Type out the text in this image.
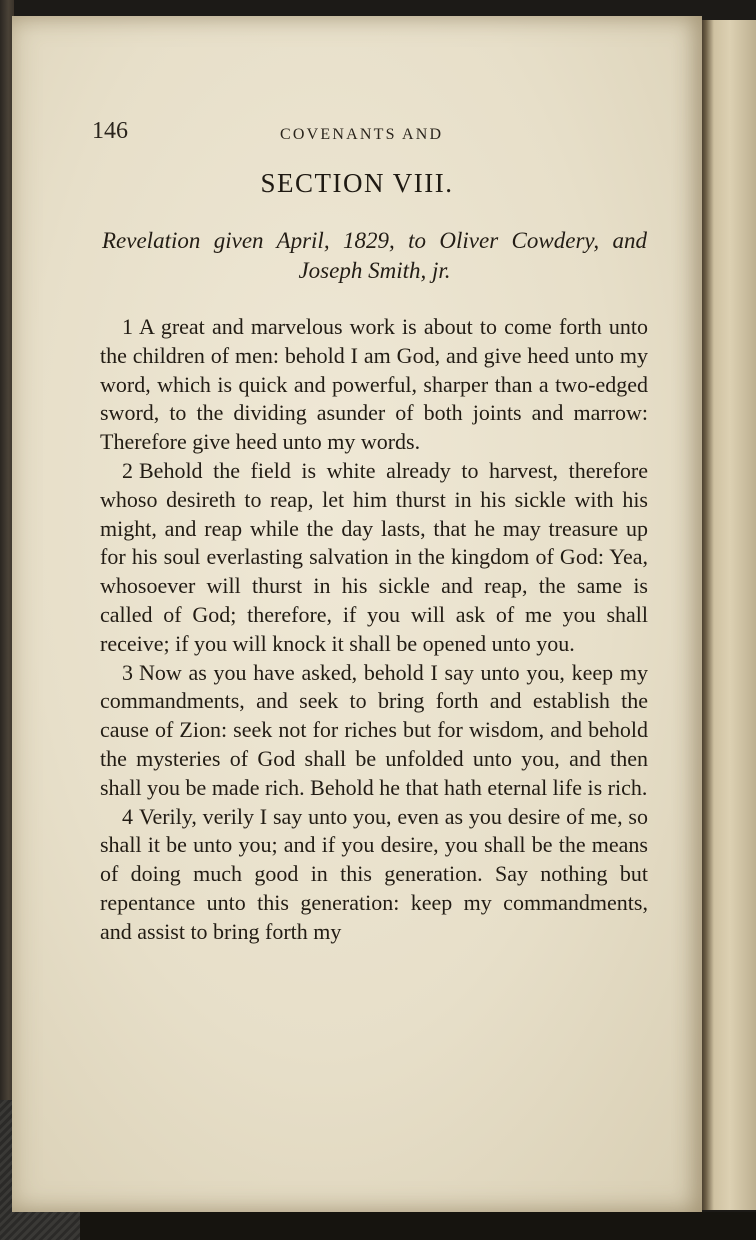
146	COVENANTS AND
SECTION VIII.
Revelation given April, 1829, to Oliver Cowdery, and Joseph Smith, jr.

1 A great and marvelous work is about to come forth unto the children of men: behold I am God, and give heed unto my word, which is quick and powerful, sharper than a two-edged sword, to the dividing asunder of both joints and marrow: Therefore give heed unto my words.

2 Behold the field is white already to harvest, therefore whoso desireth to reap, let him thurst in his sickle with his might, and reap while the day lasts, that he may treasure up for his soul everlasting salvation in the kingdom of God: Yea, whosoever will thurst in his sickle and reap, the same is called of God; therefore, if you will ask of me you shall receive; if you will knock it shall be opened unto you.

3 Now as you have asked, behold I say unto you, keep my commandments, and seek to bring forth and establish the cause of Zion: seek not for riches but for wisdom, and behold the mysteries of God shall be unfolded unto you, and then shall you be made rich. Behold he that hath eternal life is rich.

4 Verily, verily I say unto you, even as you desire of me, so shall it be unto you; and if you desire, you shall be the means of doing much good in this generation. Say nothing but repentance unto this generation: keep my commandments, and assist to bring forth my
